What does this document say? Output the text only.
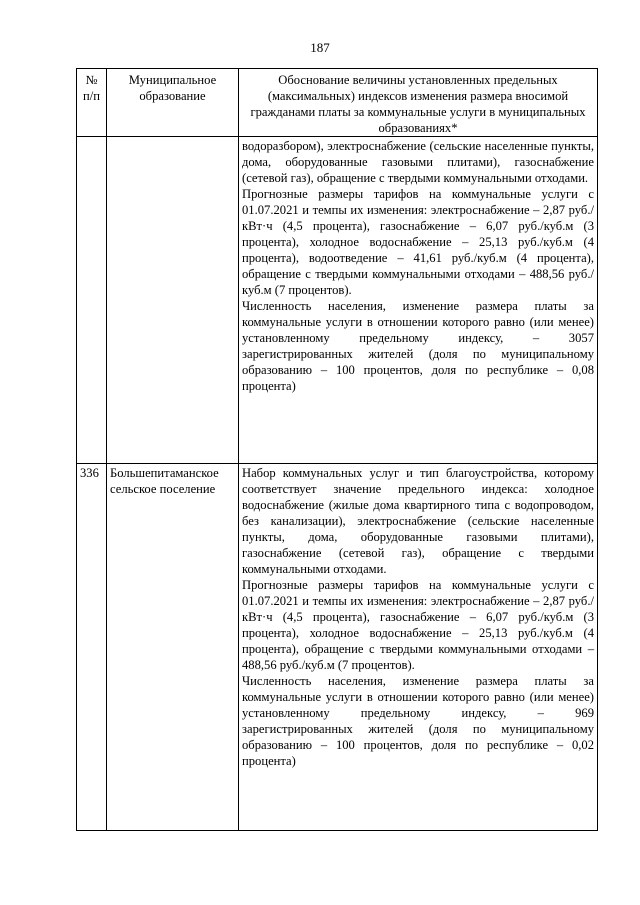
187
№ п/п	Муниципальное образование	Обоснование величины установленных предельных (максимальных) индексов изменения размера вносимой гражданами платы за коммунальные услуги в муниципальных образованиях*

		водоразбором), электроснабжение (сельские населенные пункты, дома, оборудованные газовыми плитами), газоснабжение (сетевой газ), обращение с твердыми коммунальными отходами.

Прогнозные размеры тарифов на коммунальные услуги с 01.07.2021 и темпы их изменения: электроснабжение – 2,87 руб./кВт·ч (4,5 процента), газоснабжение – 6,07 руб./куб.м (3 процента), холодное водоснабжение – 25,13 руб./куб.м (4 процента), водоотведение – 41,61 руб./куб.м (4 процента), обращение с твердыми коммунальными отходами – 488,56 руб./куб.м (7 процентов).

Численность населения, изменение размера платы за коммунальные услуги в отношении которого равно (или менее) установленному предельному индексу, – 3057 зарегистрированных жителей (доля по муниципальному образованию – 100 процентов, доля по республике – 0,08 процента)

336	Большепитаманское сельское поселение	Набор коммунальных услуг и тип благоустройства, которому соответствует значение предельного индекса: холодное водоснабжение (жилые дома квартирного типа с водопроводом, без канализации), электроснабжение (сельские населенные пункты, дома, оборудованные газовыми плитами), газоснабжение (сетевой газ), обращение с твердыми коммунальными отходами.

Прогнозные размеры тарифов на коммунальные услуги с 01.07.2021 и темпы их изменения: электроснабжение – 2,87 руб./кВт·ч (4,5 процента), газоснабжение – 6,07 руб./куб.м (3 процента), холодное водоснабжение – 25,13 руб./куб.м (4 процента), обращение с твердыми коммунальными отходами – 488,56 руб./куб.м (7 процентов).

Численность населения, изменение размера платы за коммунальные услуги в отношении которого равно (или менее) установленному предельному индексу, – 969 зарегистрированных жителей (доля по муниципальному образованию – 100 процентов, доля по республике – 0,02 процента)
